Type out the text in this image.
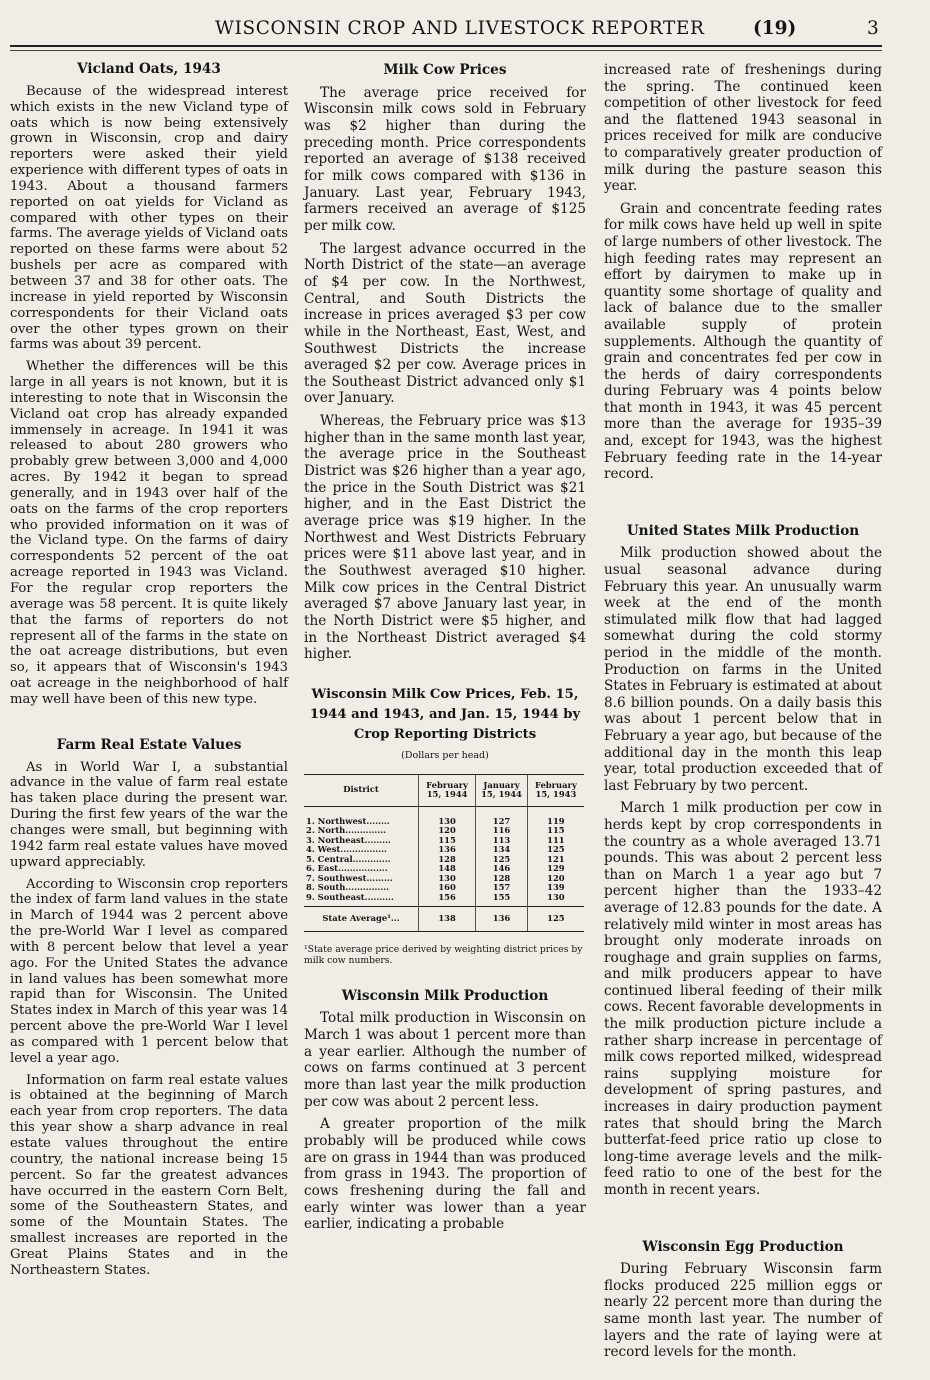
WISCONSIN CROP AND LIVESTOCK REPORTER	(19)	3
Vicland Oats, 1943

Because of the widespread interest which exists in the new Vicland type of oats which is now being extensively grown in Wisconsin, crop and dairy reporters were asked their yield experience with different types of oats in 1943. About a thousand farmers reported on oat yields for Vicland as compared with other types on their farms. The average yields of Vicland oats reported on these farms were about 52 bushels per acre as compared with between 37 and 38 for other oats. The increase in yield reported by Wisconsin correspondents for their Vicland oats over the other types grown on their farms was about 39 percent.

Whether the differences will be this large in all years is not known, but it is interesting to note that in Wisconsin the Vicland oat crop has already expanded immensely in acreage. In 1941 it was released to about 280 growers who probably grew between 3,000 and 4,000 acres. By 1942 it began to spread generally, and in 1943 over half of the oats on the farms of the crop reporters who provided information on it was of the Vicland type. On the farms of dairy correspondents 52 percent of the oat acreage reported in 1943 was Vicland. For the regular crop reporters the average was 58 percent. It is quite likely that the farms of reporters do not represent all of the farms in the state on the oat acreage distributions, but even so, it appears that of Wisconsin's 1943 oat acreage in the neighborhood of half may well have been of this new type.

Farm Real Estate Values

As in World War I, a substantial advance in the value of farm real estate has taken place during the present war. During the first few years of the war the changes were small, but beginning with 1942 farm real estate values have moved upward appreciably.

According to Wisconsin crop reporters the index of farm land values in the state in March of 1944 was 2 percent above the pre-World War I level as compared with 8 percent below that level a year ago. For the United States the advance in land values has been somewhat more rapid than for Wisconsin. The United States index in March of this year was 14 percent above the pre-World War I level as compared with 1 percent below that level a year ago.

Information on farm real estate values is obtained at the beginning of March each year from crop reporters. The data this year show a sharp advance in real estate values throughout the entire country, the national increase being 15 percent. So far the greatest advances have occurred in the eastern Corn Belt, some of the Southeastern States, and some of the Mountain States. The smallest increases are reported in the Great Plains States and in the Northeastern States.

Milk Cow Prices

The average price received for Wisconsin milk cows sold in February was $2 higher than during the preceding month. Price correspondents reported an average of $138 received for milk cows compared with $136 in January. Last year, February 1943, farmers received an average of $125 per milk cow.

The largest advance occurred in the North District of the state—an average of $4 per cow. In the Northwest, Central, and South Districts the increase in prices averaged $3 per cow while in the Northeast, East, West, and Southwest Districts the increase averaged $2 per cow. Average prices in the Southeast District advanced only $1 over January.

Whereas, the February price was $13 higher than in the same month last year, the average price in the Southeast District was $26 higher than a year ago, the price in the South District was $21 higher, and in the East District the average price was $19 higher. In the Northwest and West Districts February prices were $11 above last year, and in the Southwest averaged $10 higher. Milk cow prices in the Central District averaged $7 above January last year, in the North District were $5 higher, and in the Northeast District averaged $4 higher.

Wisconsin Milk Cow Prices, Feb. 15, 1944 and 1943, and Jan. 15, 1944 by Crop Reporting Districts
(Dollars per head)
District	February 15, 1944	January 15, 1944	February 15, 1943
1. Northwest........	130	127	119
2. North..............	120	116	115
3. Northeast.........	115	113	111
4. West................	136	134	125
5. Central.............	128	125	121
6. East.................	148	146	129
7. Southwest.........	130	128	120
8. South...............	160	157	139
9. Southeast..........	156	155	130
State Average¹...	138	136	125

¹State average price derived by weighting district prices by milk cow numbers.

Wisconsin Milk Production

Total milk production in Wisconsin on March 1 was about 1 percent more than a year earlier. Although the number of cows on farms continued at 3 percent more than last year the milk production per cow was about 2 percent less.

A greater proportion of the milk probably will be produced while cows are on grass in 1944 than was produced from grass in 1943. The proportion of cows freshening during the fall and early winter was lower than a year earlier, indicating a probable

increased rate of freshenings during the spring. The continued keen competition of other livestock for feed and the flattened 1943 seasonal in prices received for milk are conducive to comparatively greater production of milk during the pasture season this year.

Grain and concentrate feeding rates for milk cows have held up well in spite of large numbers of other livestock. The high feeding rates may represent an effort by dairymen to make up in quantity some shortage of quality and lack of balance due to the smaller available supply of protein supplements. Although the quantity of grain and concentrates fed per cow in the herds of dairy correspondents during February was 4 points below that month in 1943, it was 45 percent more than the average for 1935–39 and, except for 1943, was the highest February feeding rate in the 14-year record.

United States Milk Production

Milk production showed about the usual seasonal advance during February this year. An unusually warm week at the end of the month stimulated milk flow that had lagged somewhat during the cold stormy period in the middle of the month. Production on farms in the United States in February is estimated at about 8.6 billion pounds. On a daily basis this was about 1 percent below that in February a year ago, but because of the additional day in the month this leap year, total production exceeded that of last February by two percent.

March 1 milk production per cow in herds kept by crop correspondents in the country as a whole averaged 13.71 pounds. This was about 2 percent less than on March 1 a year ago but 7 percent higher than the 1933–42 average of 12.83 pounds for the date. A relatively mild winter in most areas has brought only moderate inroads on roughage and grain supplies on farms, and milk producers appear to have continued liberal feeding of their milk cows. Recent favorable developments in the milk production picture include a rather sharp increase in percentage of milk cows reported milked, widespread rains supplying moisture for development of spring pastures, and increases in dairy production payment rates that should bring the March butterfat-feed price ratio up close to long-time average levels and the milk-feed ratio to one of the best for the month in recent years.

Wisconsin Egg Production

During February Wisconsin farm flocks produced 225 million eggs or nearly 22 percent more than during the same month last year. The number of layers and the rate of laying were at record levels for the month.
